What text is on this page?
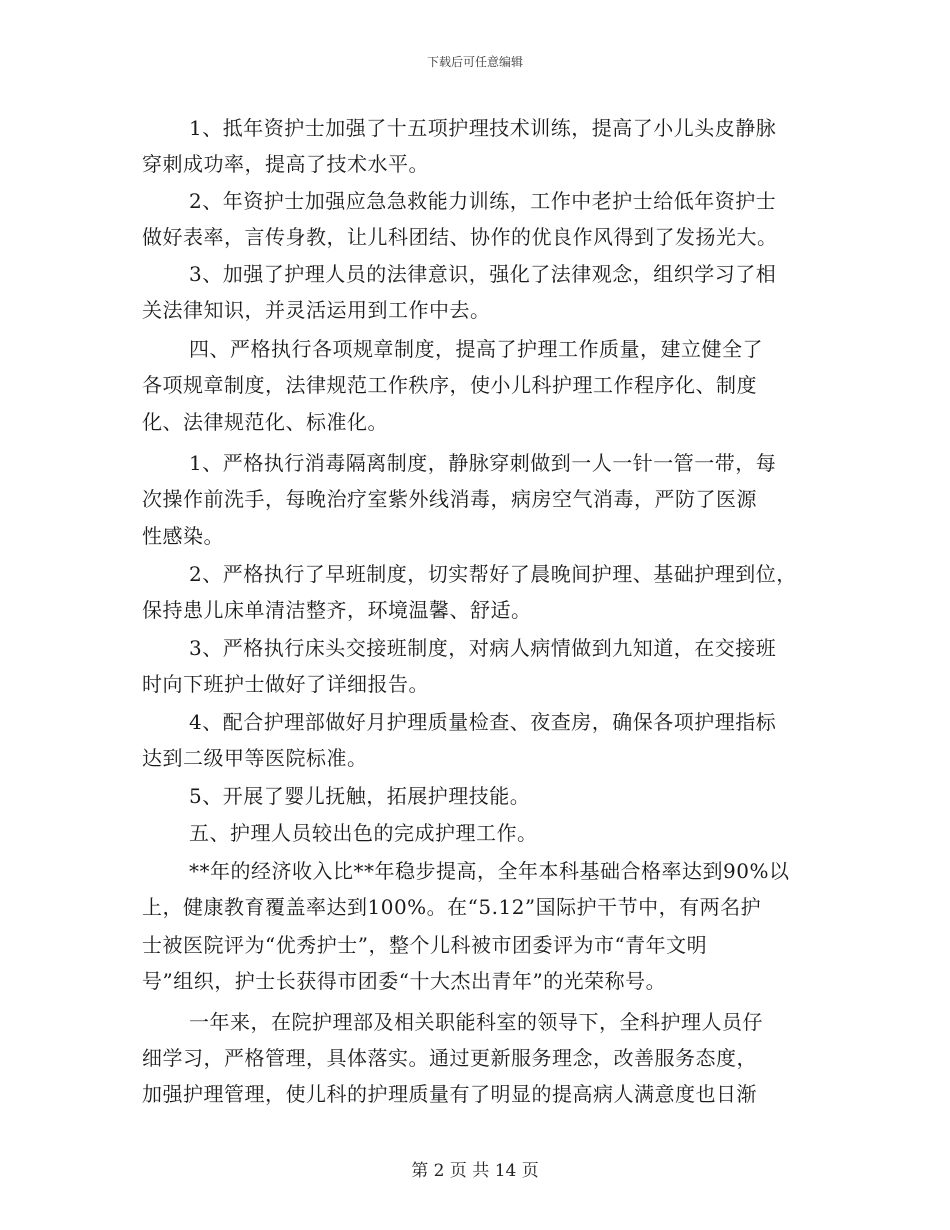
下载后可任意编辑
1、抵年资护士加强了十五项护理技术训练，提高了小儿头皮静脉
穿刺成功率，提高了技术水平。
2、年资护士加强应急急救能力训练，工作中老护士给低年资护士
做好表率，言传身教，让儿科团结、协作的优良作风得到了发扬光大。
3、加强了护理人员的法律意识，强化了法律观念，组织学习了相
关法律知识，并灵活运用到工作中去。
四、严格执行各项规章制度，提高了护理工作质量，建立健全了
各项规章制度，法律规范工作秩序，使小儿科护理工作程序化、制度
化、法律规范化、标准化。
1、严格执行消毒隔离制度，静脉穿刺做到一人一针一管一带，每
次操作前洗手，每晚治疗室紫外线消毒，病房空气消毒，严防了医源
性感染。
2、严格执行了早班制度，切实帮好了晨晚间护理、基础护理到位，
保持患儿床单清洁整齐，环境温馨、舒适。
3、严格执行床头交接班制度，对病人病情做到九知道，在交接班
时向下班护士做好了详细报告。
4、配合护理部做好月护理质量检查、夜查房，确保各项护理指标
达到二级甲等医院标准。
5、开展了婴儿抚触，拓展护理技能。
五、护理人员较出色的完成护理工作。
**年的经济收入比**年稳步提高，全年本科基础合格率达到90%以
上，健康教育覆盖率达到100%。在“5.12”国际护干节中，有两名护
士被医院评为“优秀护士”，整个儿科被市团委评为市“青年文明
号”组织，护士长获得市团委“十大杰出青年”的光荣称号。
一年来，在院护理部及相关职能科室的领导下，全科护理人员仔
细学习，严格管理，具体落实。通过更新服务理念，改善服务态度，
加强护理管理，使儿科的护理质量有了明显的提高病人满意度也日渐
第 2 页 共 14 页
